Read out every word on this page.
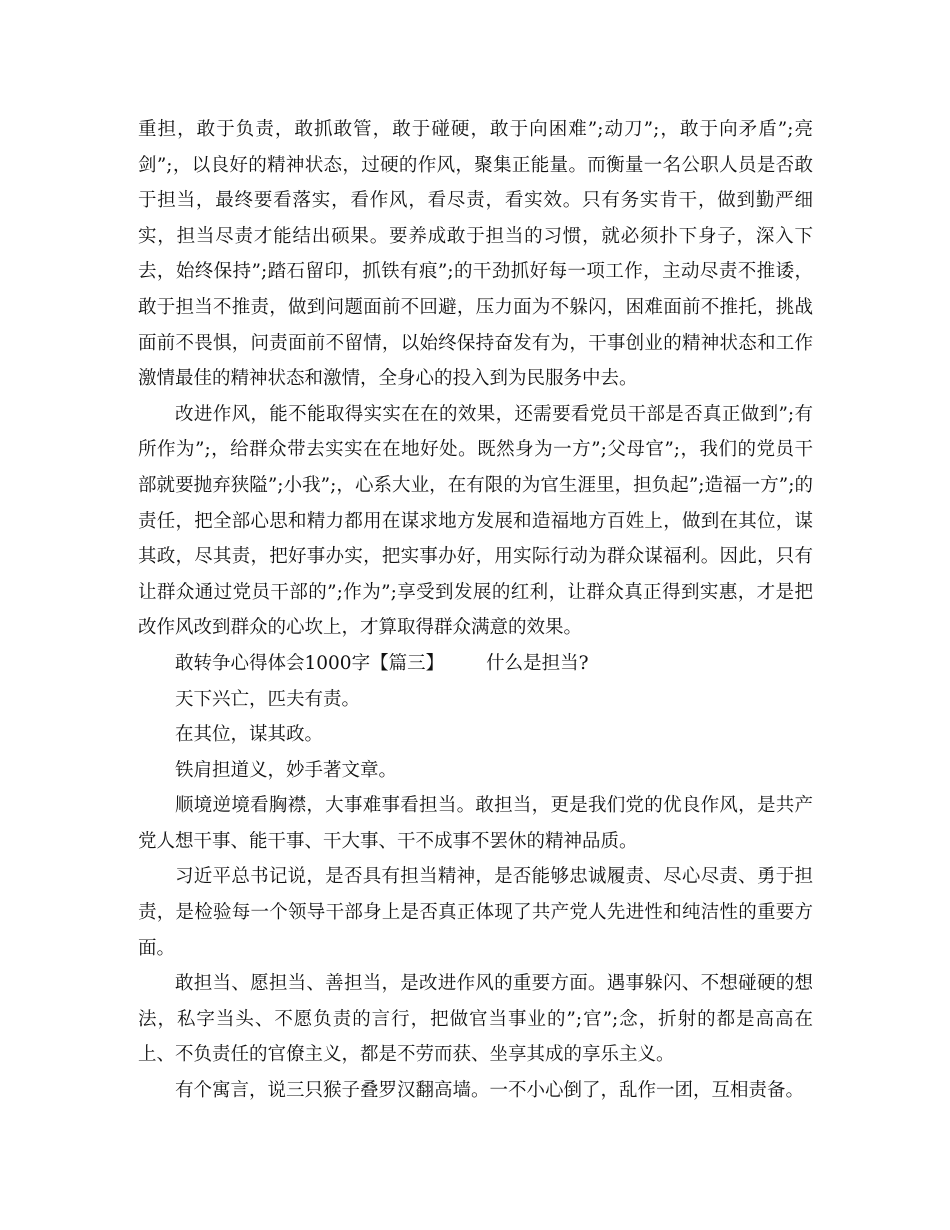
重担，敢于负责，敢抓敢管，敢于碰硬，敢于向困难”;动刀”;，敢于向矛盾”;亮剑”;，以良好的精神状态，过硬的作风，聚集正能量。而衡量一名公职人员是否敢于担当，最终要看落实，看作风，看尽责，看实效。只有务实肯干，做到勤严细实，担当尽责才能结出硕果。要养成敢于担当的习惯，就必须扑下身子，深入下去，始终保持”;踏石留印，抓铁有痕”;的干劲抓好每一项工作，主动尽责不推诿，敢于担当不推责，做到问题面前不回避，压力面为不躲闪，困难面前不推托，挑战面前不畏惧，问责面前不留情，以始终保持奋发有为，干事创业的精神状态和工作激情最佳的精神状态和激情，全身心的投入到为民服务中去。

改进作风，能不能取得实实在在的效果，还需要看党员干部是否真正做到”;有所作为”;，给群众带去实实在在地好处。既然身为一方”;父母官”;，我们的党员干部就要抛弃狭隘”;小我”;，心系大业，在有限的为官生涯里，担负起”;造福一方”;的责任，把全部心思和精力都用在谋求地方发展和造福地方百姓上，做到在其位，谋其政，尽其责，把好事办实，把实事办好，用实际行动为群众谋福利。因此，只有让群众通过党员干部的”;作为”;享受到发展的红利，让群众真正得到实惠，才是把改作风改到群众的心坎上，才算取得群众满意的效果。

敢转争心得体会1000字【篇三】 什么是担当?

天下兴亡，匹夫有责。

在其位，谋其政。

铁肩担道义，妙手著文章。

顺境逆境看胸襟，大事难事看担当。敢担当，更是我们党的优良作风，是共产党人想干事、能干事、干大事、干不成事不罢休的精神品质。

习近平总书记说，是否具有担当精神，是否能够忠诚履责、尽心尽责、勇于担责，是检验每一个领导干部身上是否真正体现了共产党人先进性和纯洁性的重要方面。

敢担当、愿担当、善担当，是改进作风的重要方面。遇事躲闪、不想碰硬的想法，私字当头、不愿负责的言行，把做官当事业的”;官”;念，折射的都是高高在上、不负责任的官僚主义，都是不劳而获、坐享其成的享乐主义。

有个寓言，说三只猴子叠罗汉翻高墙。一不小心倒了，乱作一团，互相责备。
